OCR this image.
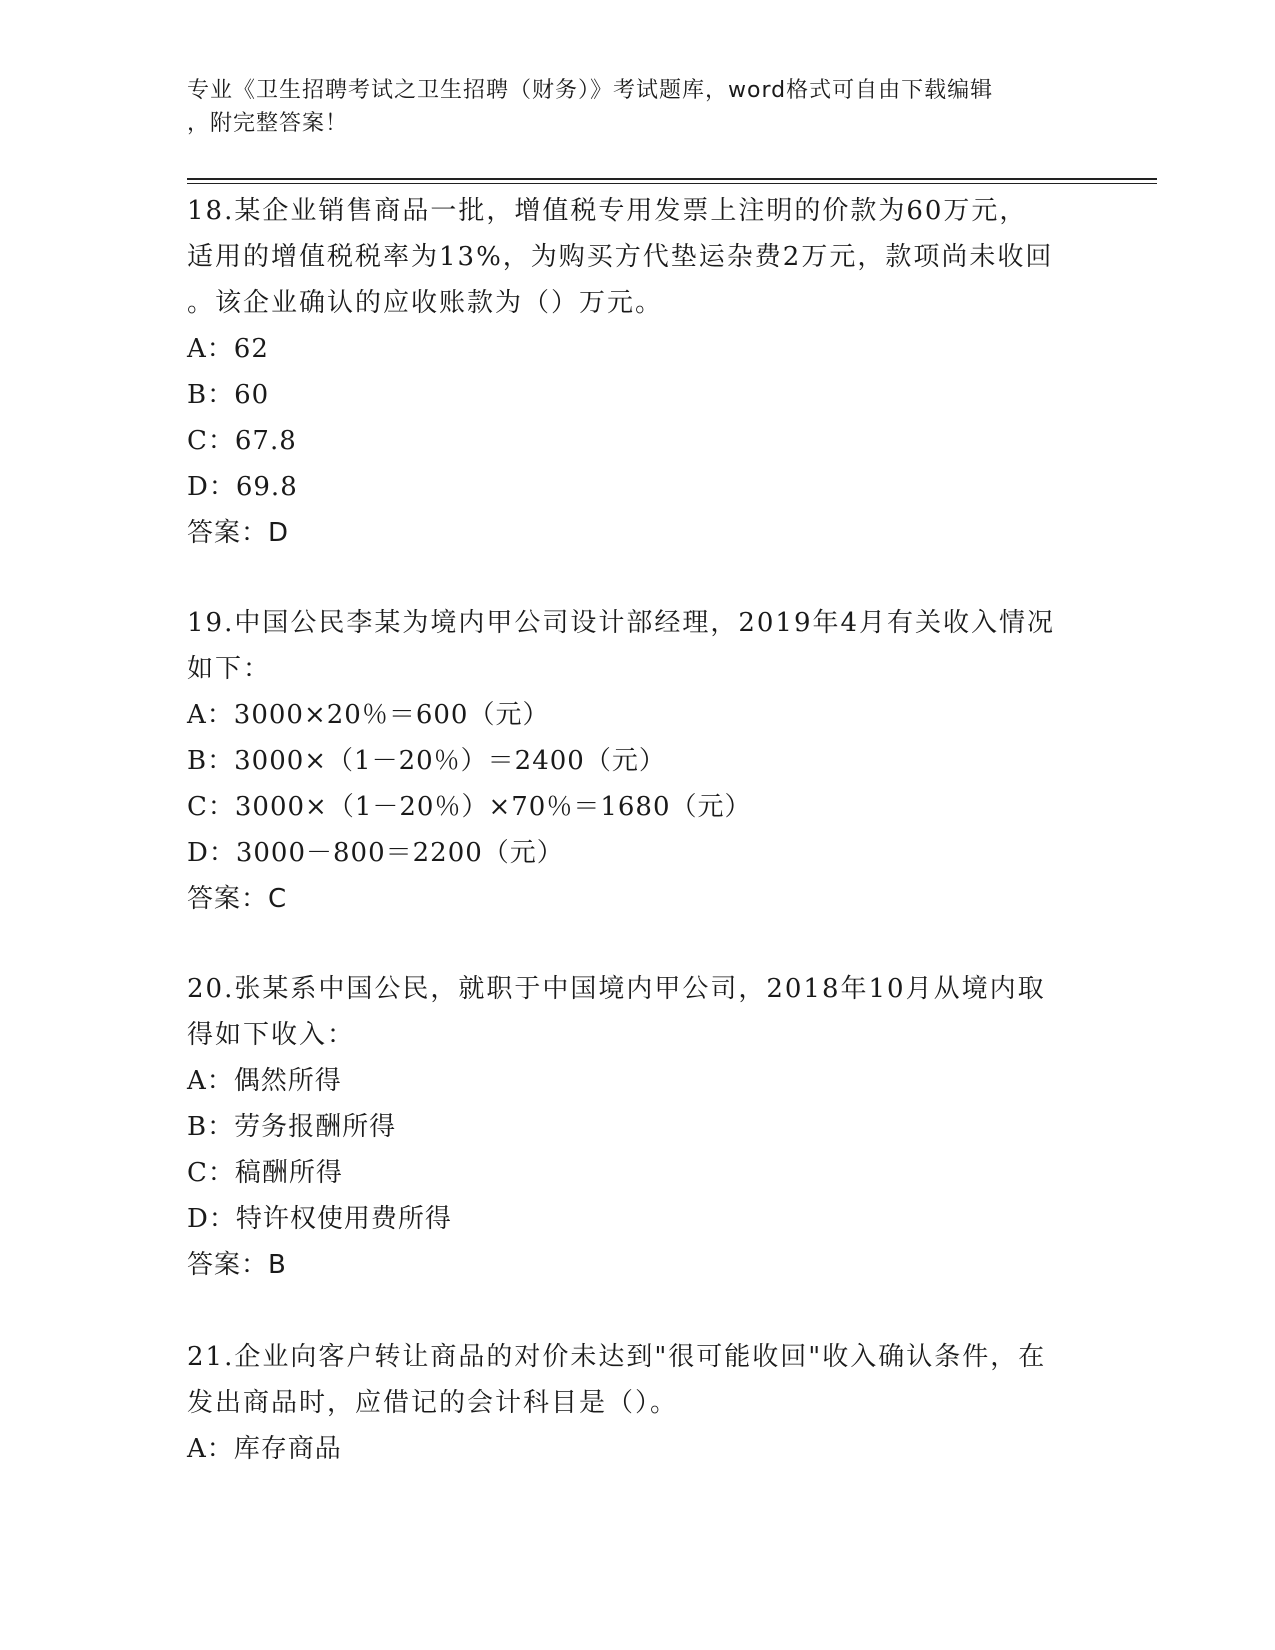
专业《卫生招聘考试之卫生招聘（财务）》考试题库，word格式可自由下载编辑
，附完整答案！

18.某企业销售商品一批，增值税专用发票上注明的价款为60万元，

适用的增值税税率为13%，为购买方代垫运杂费2万元，款项尚未收回

。该企业确认的应收账款为（）万元。

A：62

B：60

C：67.8

D：69.8

答案：D

19.中国公民李某为境内甲公司设计部经理，2019年4月有关收入情况

如下：

A：3000×20％＝600（元）

B：3000×（1－20％）＝2400（元）

C：3000×（1－20％）×70％＝1680（元）

D：3000－800＝2200（元）

答案：C

20.张某系中国公民，就职于中国境内甲公司，2018年10月从境内取

得如下收入：

A：偶然所得

B：劳务报酬所得

C：稿酬所得

D：特许权使用费所得

答案：B

21.企业向客户转让商品的对价未达到"很可能收回"收入确认条件，在

发出商品时，应借记的会计科目是（）。

A：库存商品
